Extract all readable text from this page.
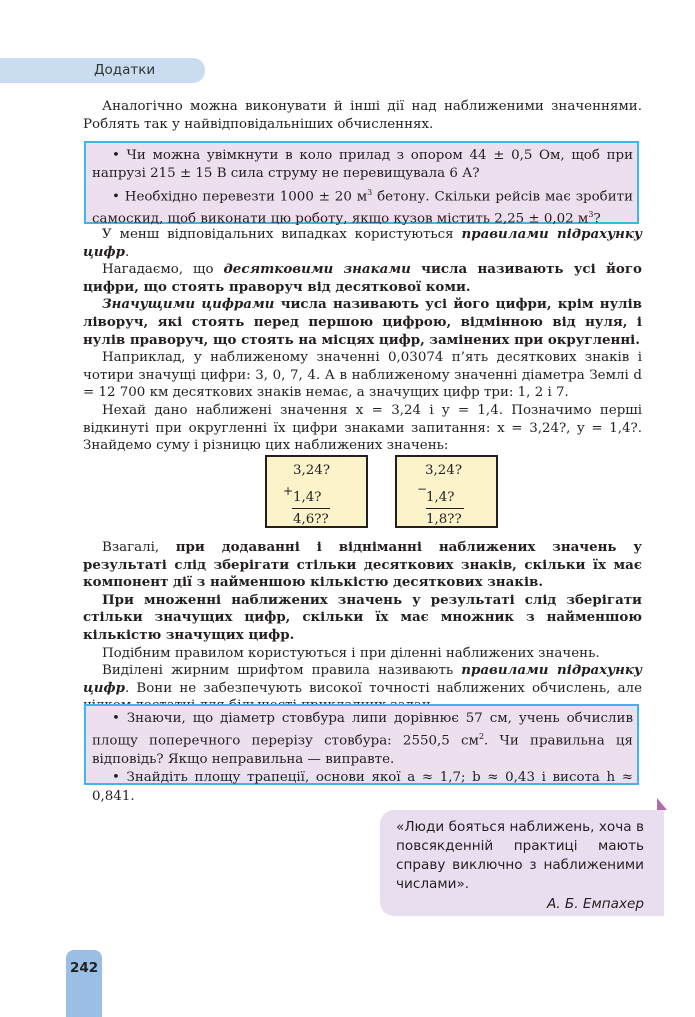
Додатки

Аналогічно можна виконувати й інші дії над наближеними значеннями. Роблять так у найвідповідальніших обчисленнях.

• Чи можна увімкнути в коло прилад з опором 44 ± 0,5 Ом, щоб при напрузі 215 ± 15 В сила струму не перевищувала 6 А?

• Необхідно перевезти 1000 ± 20 $м^3$ бетону. Скільки рейсів має зробити самоскид, щоб виконати цю роботу, якщо кузов містить 2,25 ± 0,02 $м^3$?

У менш відповідальних випадках користуються правилами підрахунку цифр.

Нагадаємо, що десятковими знаками числа називають усі його цифри, що стоять праворуч від десяткової коми.

Значущими цифрами числа називають усі його цифри, крім нулів ліворуч, які стоять перед першою цифрою, відмінною від нуля, і нулів праворуч, що стоять на місцях цифр, замінених при округленні.

Наприклад, у наближеному значенні 0,03074 п’ять десяткових знаків і чотири значущі цифри: 3, 0, 7, 4. А в наближеному значенні діаметра Землі d = 12 700 км десяткових знаків немає, а значущих цифр три: 1, 2 і 7.

Нехай дано наближені значення x = 3,24 і y = 1,4. Позначимо перші відкинуті при округленні їх цифри знаками запитання: x = 3,24?, y = 1,4?. Знайдемо суму і різницю цих наближених значень:

3,24?
+ 1,4?
4,6??
3,24?
−
1,4?
1,8??

Взагалі, при додаванні і відніманні наближених значень у результаті слід зберігати стільки десяткових знаків, скільки їх має компонент дії з найменшою кількістю десяткових знаків.

При множенні наближених значень у результаті слід зберігати стільки значущих цифр, скільки їх має множник з найменшою кількістю значущих цифр.

Подібним правилом користуються і при діленні наближених значень.

Виділені жирним шрифтом правила називають правилами підрахунку цифр. Вони не забезпечують високої точності наближених обчислень, але

• Знаючи, що діаметр стовбура липи дорівнює 57 см, учень обчислив площу поперечного перерізу стовбура: 2550,5 $см^2$. Чи правильна ця відповідь? Якщо неправильна — виправте.

• Знайдіть площу трапеції, основи якої a ≈ 1,7; b ≈ 0,43 і висота h ≈ 0,841.

«Люди бояться наближень, хоча в повсякденній практиці мають справу виключно з наближеними числами».
А. Б. Емпахер
242
